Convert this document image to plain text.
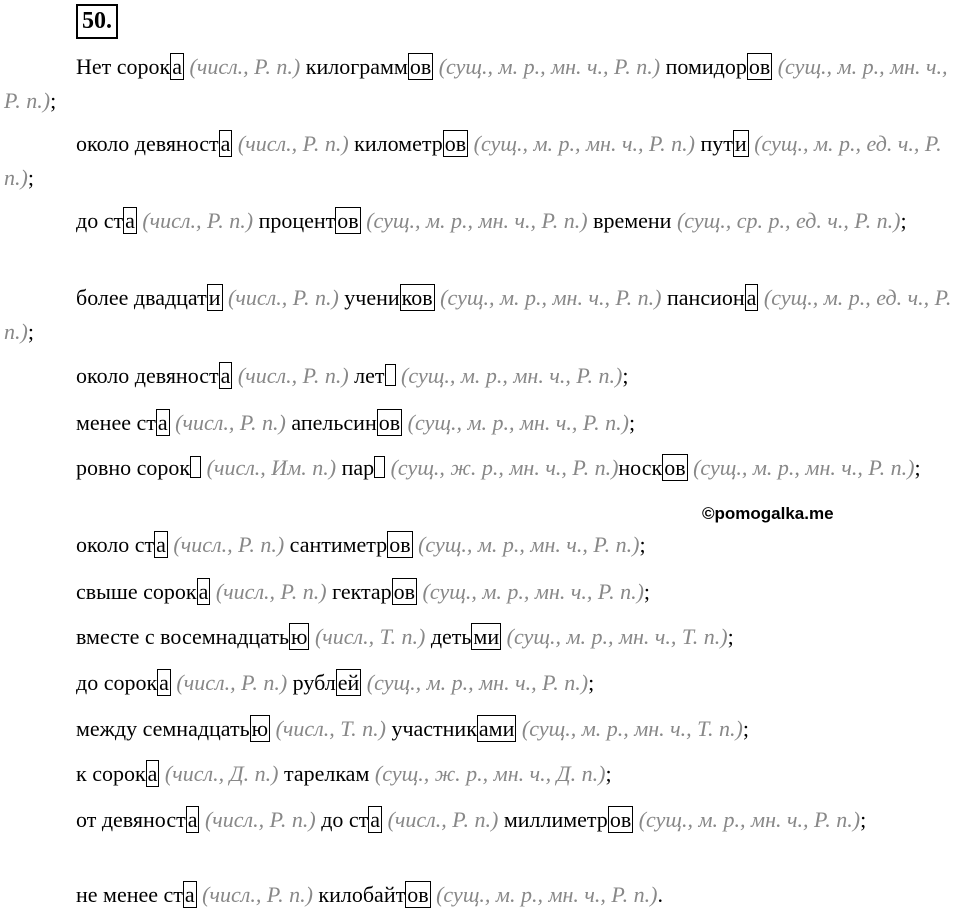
50.
Нет сорока (числ., Р. п.) килограммов (сущ., м. р., мн. ч., Р. п.) помидоров (сущ., м. р., мн. ч., Р. п.);
около девяноста (числ., Р. п.) километров (сущ., м. р., мн. ч., Р. п.) пути (сущ., м. р., ед. ч., Р. п.);
до ста (числ., Р. п.) процентов (сущ., м. р., мн. ч., Р. п.) времени (сущ., ср. р., ед. ч., Р. п.);
более двадцати (числ., Р. п.) учеников (сущ., м. р., мн. ч., Р. п.) пансиона (сущ., м. р., ед. ч., Р. п.);
около девяноста (числ., Р. п.) лет (сущ., м. р., мн. ч., Р. п.);
менее ста (числ., Р. п.) апельсинов (сущ., м. р., мн. ч., Р. п.);
ровно сорок (числ., Им. п.) пар (сущ., ж. р., мн. ч., Р. п.)носков (сущ., м. р., мн. ч., Р. п.);
около ста (числ., Р. п.) сантиметров (сущ., м. р., мн. ч., Р. п.);
свыше сорока (числ., Р. п.) гектаров (сущ., м. р., мн. ч., Р. п.);
вместе с восемнадцатью (числ., Т. п.) детьми (сущ., м. р., мн. ч., Т. п.);
до сорока (числ., Р. п.) рублей (сущ., м. р., мн. ч., Р. п.);
между семнадцатью (числ., Т. п.) участниками (сущ., м. р., мн. ч., Т. п.);
к сорока (числ., Д. п.) тарелкам (сущ., ж. р., мн. ч., Д. п.);
от девяноста (числ., Р. п.) до ста (числ., Р. п.) миллиметров (сущ., м. р., мн. ч., Р. п.);
не менее ста (числ., Р. п.) килобайтов (сущ., м. р., мн. ч., Р. п.).
©pomogalka.me
